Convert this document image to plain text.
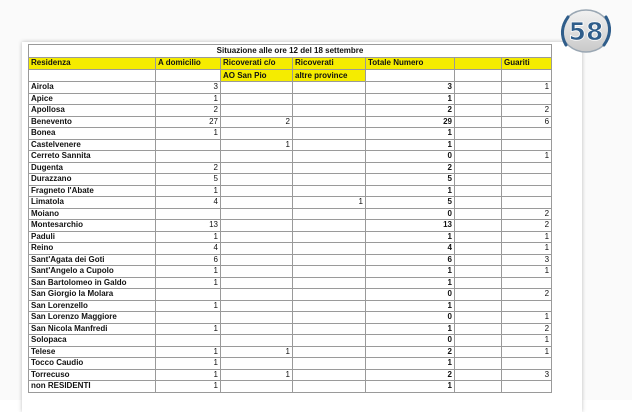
Situazione alle ore 12 del 18 settembre						
Residenza	A domicilio	Ricoverati c/o	Ricoverati	Totale Numero		Guariti
		AO San Pio	altre province			
Airola	3			3		1
Apice	1			1		
Apollosa	2			2		2
Benevento	27	2		29		6
Bonea	1			1		
Castelvenere		1		1		
Cerreto Sannita				0		1
Dugenta	2			2		
Durazzano	5			5		
Fragneto l'Abate	1			1		
Limatola	4		1	5		
Moiano				0		2
Montesarchio	13			13		2
Paduli	1			1		1
Reino	4			4		1
Sant'Agata dei Goti	6			6		3
Sant'Angelo a Cupolo	1			1		1
San Bartolomeo in Galdo	1			1		
San Giorgio la Molara				0		2
San Lorenzello	1			1		
San Lorenzo Maggiore				0		1
San Nicola Manfredi	1			1		2
Solopaca				0		1
Telese	1	1		2		1
Tocco Caudio	1			1		
Torrecuso	1	1		2		3
non RESIDENTI	1			1		
58
